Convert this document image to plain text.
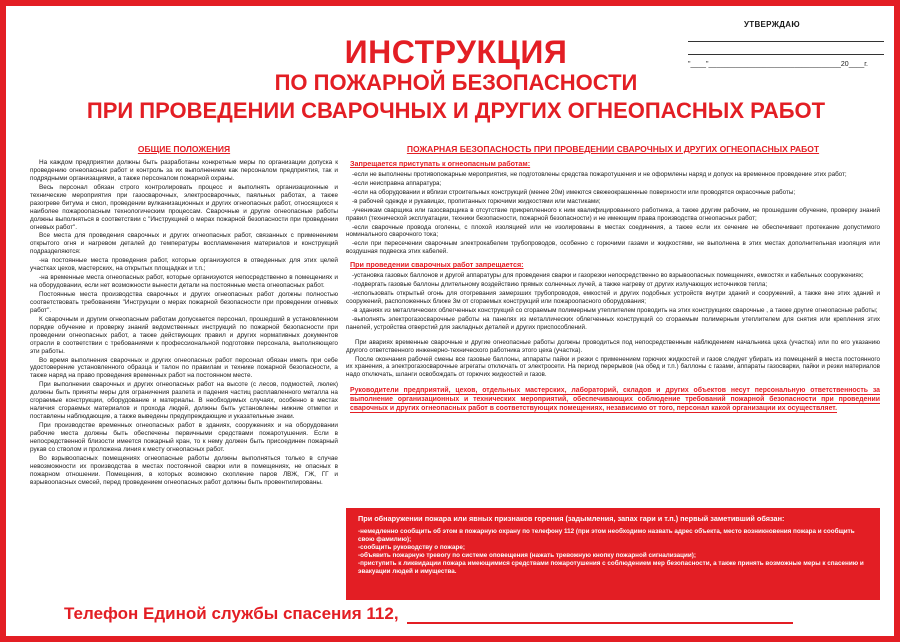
УТВЕРЖДАЮ
"____"__________________________________20____г.
ИНСТРУКЦИЯ
ПО ПОЖАРНОЙ БЕЗОПАСНОСТИ
ПРИ ПРОВЕДЕНИИ СВАРОЧНЫХ И ДРУГИХ ОГНЕОПАСНЫХ РАБОТ
ОБЩИЕ ПОЛОЖЕНИЯ

На каждом предприятии должны быть разработаны конкретные меры по организации допуска к проведению огнеопасных работ и контроль за их выполнением как персоналом предприятия, так и подрядными организациями, а также персоналом пожарной охраны.

Весь персонал обязан строго контролировать процесс и выполнять организационные и технические мероприятия при газосварочных, электросварочных, паяльных работах, а также разогреве битума и смол, проведении вулканизационных и других огнеопасных работ, относящихся к наиболее пожароопасным технологическим процессам. Сварочные и другие огнеопасные работы должны выполняться в соответствии с "Инструкцией о мерах пожарной безопасности при проведении огневых работ".

Все места для проведения сварочных и других огнеопасных работ, связанных с применением открытого огня и нагревом деталей до температуры воспламенения материалов и конструкций подразделяются:

-на постоянные места проведения работ, которые организуются в отведенных для этих целей участках цехов, мастерских, на открытых площадках и т.п.;

-на временные места огнеопасных работ, которые организуются непосредственно в помещениях и на оборудовании, если нет возможности вынести детали на постоянные места огнеопасных работ.

Постоянные места производства сварочных и других огнеопасных работ должны полностью соответствовать требованиям "Инструкции о мерах пожарной безопасности при проведении огневых работ".

К сварочным и другим огнеопасным работам допускается персонал, прошедший в установленном порядке обучение и проверку знаний ведомственных инструкций по пожарной безопасности при проведении огнеопасных работ, а также действующих правил и других нормативных документов отрасли в соответствии с требованиями к профессиональной подготовке персонала, выполняющего эти работы.

Во время выполнения сварочных и других огнеопасных работ персонал обязан иметь при себе удостоверение установленного образца и талон по правилам и технике пожарной безопасности, а также наряд на право проведения временных работ на постоянном месте.

При выполнении сварочных и других огнеопасных работ на высоте (с лесов, подмостей, люлек) должны быть приняты меры для ограничения разлета и падения частиц расплавленного металла на сгораемые конструкции, оборудование и материалы. В необходимых случаях, особенно в местах наличия сгораемых материалов и прохода людей, должны быть установлены нижние отметки и поставлены наблюдающие, а также выведены предупреждающие и указательные знаки.

При производстве временных огнеопасных работ в зданиях, сооружениях и на оборудовании рабочие места должны быть обеспечены первичными средствами пожаротушения. Если в непосредственной близости имеется пожарный кран, то к нему должен быть присоединен пожарный рукав со стволом и проложена линия к месту огнеопасных работ.

Во взрывоопасных помещениях огнеопасные работы должны выполняться только в случае невозможности их производства в местах постоянной сварки или в помещениях, не опасных в пожарном отношении. Помещения, в которых возможно скопление паров ЛВЖ, ГЖ, ГГ и взрывоопасных смесей, перед проведением огнеопасных работ должны быть провентилированы.

ПОЖАРНАЯ БЕЗОПАСНОСТЬ ПРИ ПРОВЕДЕНИИ СВАРОЧНЫХ И ДРУГИХ ОГНЕОПАСНЫХ РАБОТ
Запрещается приступать к огнеопасным работам:

-если не выполнены противопожарные мероприятия, не подготовлены средства пожаротушения и не оформлены наряд и допуск на временное проведение этих работ;

-если неисправна аппаратура;

-если на оборудовании и вблизи строительных конструкций (менее 20м) имеются свежеокрашенные поверхности или проводятся окрасочные работы;

-в рабочей одежде и рукавицах, пропитанных горючими жидкостями или мастиками;

-ученикам сварщика или газосварщика в отсутствие прикрепленного к ним квалифицированного работника, а также другим рабочим, не прошедшим обучение, проверку знаний правил (технической эксплуатации, техники безопасности, пожарной безопасности) и не имеющим права производства огнеопасных работ;

-если сварочные провода оголены, с плохой изоляцией или не изолированы в местах соединения, а также если их сечение не обеспечивает протекание допустимого номинального сварочного тока;

-если при пересечении сварочным электрокабелем трубопроводов, особенно с горючими газами и жидкостями, не выполнена в этих местах дополнительная изоляция или воздушная подвеска этих кабелей.

При проведении сварочных работ запрещается:

-установка газовых баллонов и другой аппаратуры для проведения сварки и газорезки непосредственно во взрывоопасных помещениях, емкостях и кабельных сооружениях;

-подвергать газовые баллоны длительному воздействию прямых солнечных лучей, а также нагреву от других излучающих источников тепла;

-использовать открытый огонь для отогревания замерзших трубопроводов, емкостей и других подобных устройств внутри зданий и сооружений, а также вне этих зданий и сооружений, расположенных ближе 3м от сгораемых конструкций или пожароопасного оборудования;

-в зданиях из металлических облегченных конструкций со сгораемым полимерным утеплителем проводить на этих конструкциях сварочные , а также другие огнеопасные работы;

-выполнять электрогазосварочные работы на панелях из металлических облегченных конструкций со сгораемым полимерным утеплителем для снятия или крепления этих панелей, устройства отверстий для закладных деталей и других приспособлений.

При авариях временные сварочные и другие огнеопасные работы должны проводиться под непосредственным наблюдением начальника цеха (участка) или по его указанию другого ответственного инженерно-технического работника этого цеха (участка).

После окончания рабочей смены все газовые баллоны, аппараты пайки и резки с применением горючих жидкостей и газов следует убирать из помещений в места постоянного их хранения, а электрогазосварочные агрегаты отключать от электросети. На период перерывов (на обед и т.п.) баллоны с газами, аппараты газосварки, пайки и резки материалов надо отключать, шланги освобождать от горючих жидкостей и газов.

Руководители предприятий, цехов, отдельных мастерских, лабораторий, складов и других объектов несут персональную ответственность за выполнение организационных и технических мероприятий, обеспечивающих соблюдение требований пожарной безопасности при проведении сварочных и других огнеопасных работ в соответствующих помещениях, независимо от того, персонал какой организации их осуществляет.
При обнаружении пожара или явных признаков горения (задымления, запах гари и т.п.) первый заметивший обязан:
-немедленно сообщить об этом в пожарную охрану по телефону 112 (при этом необходимо назвать адрес объекта, место возникновения пожара и сообщить свою фамилию);
-сообщить руководству о пожаре;
-объявить пожарную тревогу по системе оповещения (нажать тревожную кнопку пожарной сигнализации);
-приступить к ликвидации пожара имеющимися средствами пожаротушения с соблюдением мер безопасности, а также принять возможные меры к спасению и эвакуации людей и имущества.
Телефон Единой службы спасения 112,
